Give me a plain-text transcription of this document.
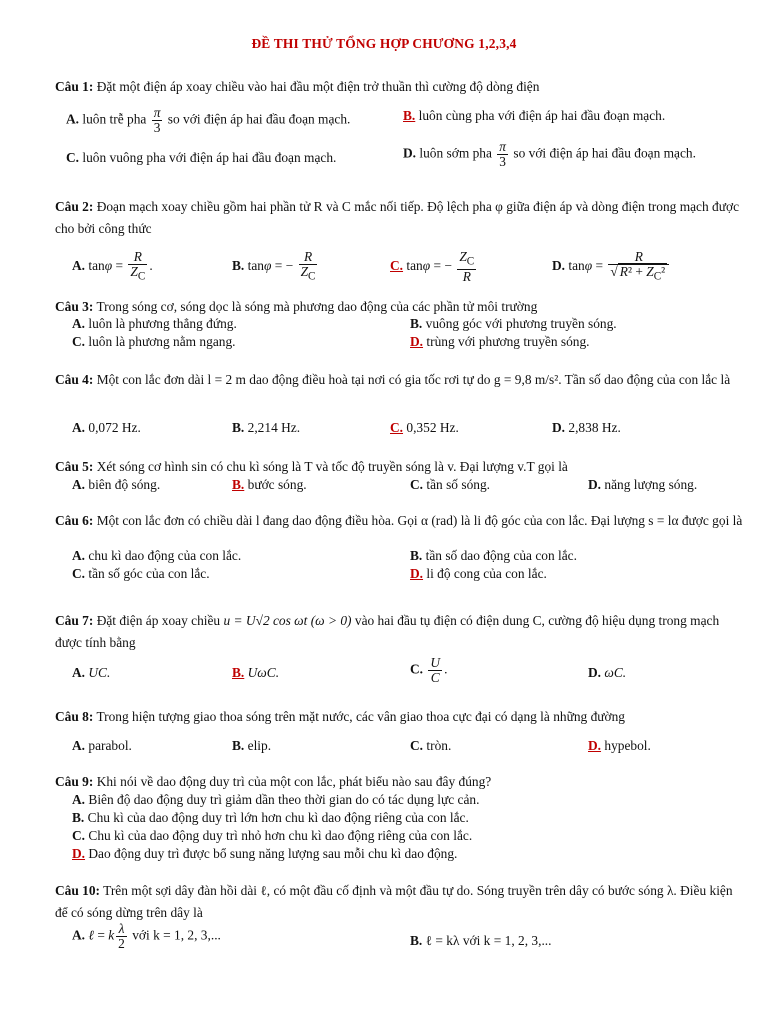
ĐỀ THI THỬ TỔNG HỢP CHƯƠNG 1,2,3,4
Câu 1: Đặt một điện áp xoay chiều vào hai đầu một điện trở thuần thì cường độ dòng điện
A. luôn trễ pha $\frac{\pi}{3}$ so với điện áp hai đầu đoạn mạch.	B. luôn cùng pha với điện áp hai đầu đoạn mạch.
C. luôn vuông pha với điện áp hai đầu đoạn mạch.	D. luôn sớm pha $\frac{\pi}{3}$ so với điện áp hai đầu đoạn mạch.
Câu 2: Đoạn mạch xoay chiều gồm hai phần tử R và C mắc nối tiếp. Độ lệch pha φ giữa điện áp và dòng điện trong mạch được cho bởi công thức
A. $\tan\varphi = \frac{R}{Z_C}$ .	B. tanφ = − $\frac{R}{Z_C}$	C. tanφ = − $\frac{Z_C}{R}$	D. $\tan\varphi = \frac{R}{√ R^2 + Z_C^2}$
Câu 3: Trong sóng cơ, sóng dọc là sóng mà phương dao động của các phần tử môi trường
A. luôn là phương thẳng đứng.	B. vuông góc với phương truyền sóng.
C. luôn là phương nằm ngang.	D. trùng với phương truyền sóng.
Câu 4: Một con lắc đơn dài l = 2 m dao động điều hoà tại nơi có gia tốc rơi tự do g = 9,8 m/s². Tần số dao động của con lắc là
A. 0,072 Hz.	B. 2,214 Hz.	C. 0,352 Hz.	D. 2,838 Hz.
Câu 5: Xét sóng cơ hình sin có chu kì sóng là T và tốc độ truyền sóng là v. Đại lượng v.T gọi là
A. biên độ sóng.	B. bước sóng.	C. tần số sóng.	D. năng lượng sóng.
Câu 6: Một con lắc đơn có chiều dài l đang dao động điều hòa. Gọi α (rad) là li độ góc của con lắc. Đại lượng s = lα được gọi là
A. chu kì dao động của con lắc.	B. tần số dao động của con lắc.
C. tần số góc của con lắc.	D. li độ cong của con lắc.
Câu 7: Đặt điện áp xoay chiều u = U√2 cos ωt (ω > 0) vào hai đầu tụ điện có điện dung C, cường độ hiệu dụng trong mạch được tính bằng
A. UC.	B. UωC.	C. $\frac{U}{C}$ .	D. ωC.
Câu 8: Trong hiện tượng giao thoa sóng trên mặt nước, các vân giao thoa cực đại có dạng là những đường
A. parabol.	B. elip.	C. tròn.	D. hypebol.
Câu 9: Khi nói về dao động duy trì của một con lắc, phát biểu nào sau đây đúng?
A. Biên độ dao động duy trì giảm dần theo thời gian do có tác dụng lực cản.
B. Chu kì của dao động duy trì lớn hơn chu kì dao động riêng của con lắc.
C. Chu kì của dao động duy trì nhỏ hơn chu kì dao động riêng của con lắc.
D. Dao động duy trì được bổ sung năng lượng sau mỗi chu kì dao động.
Câu 10: Trên một sợi dây đàn hồi dài ℓ, có một đầu cố định và một đầu tự do. Sóng truyền trên dây có bước sóng λ. Điều kiện để có sóng dừng trên dây là
A. ℓ = k $\frac{\lambda}{2}$ với k = 1, 2, 3,...	B. ℓ = kλ với k = 1, 2, 3,...
